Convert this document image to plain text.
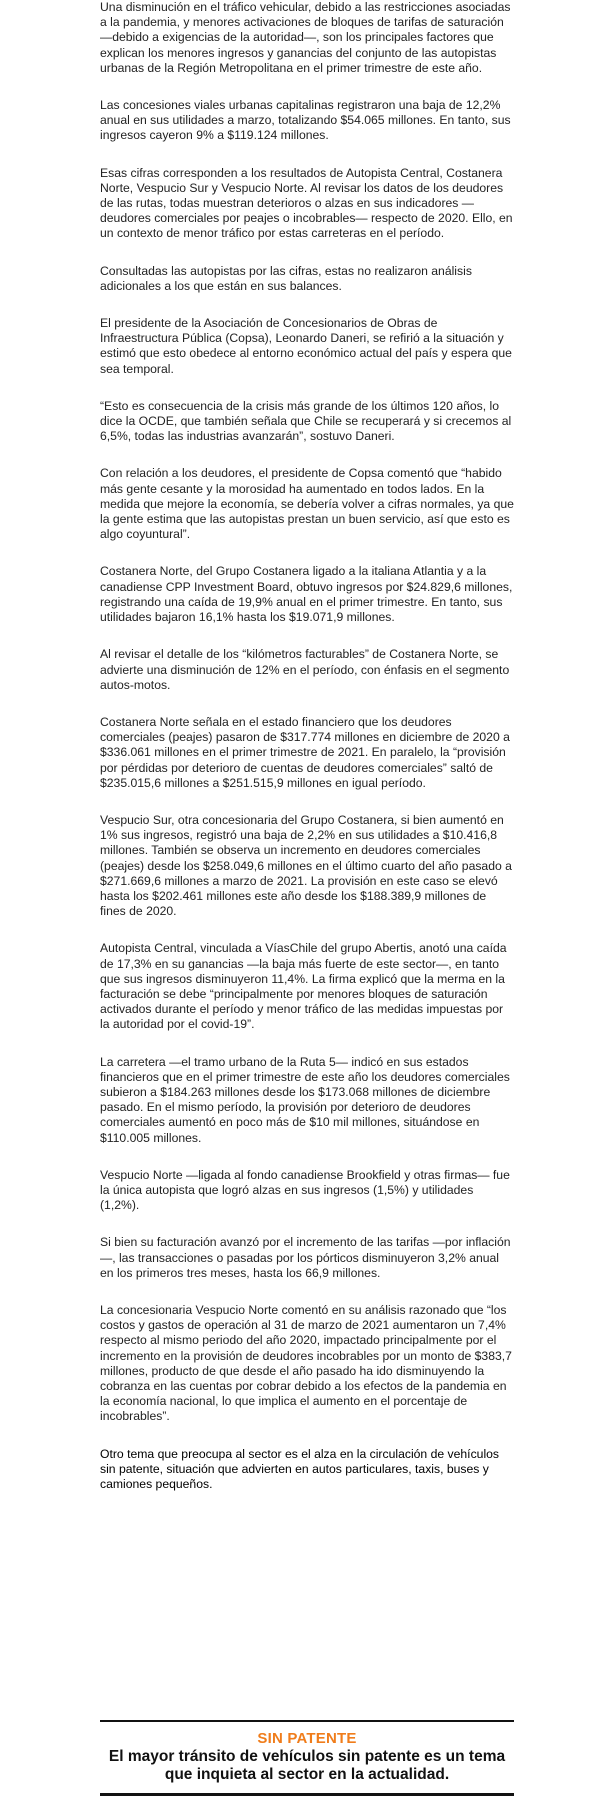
Una disminución en el tráfico vehicular, debido a las restricciones asociadas a la pandemia, y menores activaciones de bloques de tarifas de saturación —debido a exigencias de la autoridad—, son los principales factores que explican los menores ingresos y ganancias del conjunto de las autopistas urbanas de la Región Metropolitana en el primer trimestre de este año.

Las concesiones viales urbanas capitalinas registraron una baja de 12,2% anual en sus utilidades a marzo, totalizando $54.065 millones. En tanto, sus ingresos cayeron 9% a $119.124 millones.

Esas cifras corresponden a los resultados de Autopista Central, Costanera Norte, Vespucio Sur y Vespucio Norte. Al revisar los datos de los deudores de las rutas, todas muestran deterioros o alzas en sus indicadores —deudores comerciales por peajes o incobrables— respecto de 2020. Ello, en un contexto de menor tráfico por estas carreteras en el período.

Consultadas las autopistas por las cifras, estas no realizaron análisis adicionales a los que están en sus balances.

El presidente de la Asociación de Concesionarios de Obras de Infraestructura Pública (Copsa), Leonardo Daneri, se refirió a la situación y estimó que esto obedece al entorno económico actual del país y espera que sea temporal.

“Esto es consecuencia de la crisis más grande de los últimos 120 años, lo dice la OCDE, que también señala que Chile se recuperará y si crecemos al 6,5%, todas las industrias avanzarán”, sostuvo Daneri.

Con relación a los deudores, el presidente de Copsa comentó que “habido más gente cesante y la morosidad ha aumentado en todos lados. En la medida que mejore la economía, se debería volver a cifras normales, ya que la gente estima que las autopistas prestan un buen servicio, así que esto es algo coyuntural”.

Costanera Norte, del Grupo Costanera ligado a la italiana Atlantia y a la canadiense CPP Investment Board, obtuvo ingresos por $24.829,6 millones, registrando una caída de 19,9% anual en el primer trimestre. En tanto, sus utilidades bajaron 16,1% hasta los $19.071,9 millones.

Al revisar el detalle de los “kilómetros facturables” de Costanera Norte, se advierte una disminución de 12% en el período, con énfasis en el segmento autos-motos.

Costanera Norte señala en el estado financiero que los deudores comerciales (peajes) pasaron de $317.774 millones en diciembre de 2020 a $336.061 millones en el primer trimestre de 2021. En paralelo, la “provisión por pérdidas por deterioro de cuentas de deudores comerciales” saltó de $235.015,6 millones a $251.515,9 millones en igual período.

Vespucio Sur, otra concesionaria del Grupo Costanera, si bien aumentó en 1% sus ingresos, registró una baja de 2,2% en sus utilidades a $10.416,8 millones. También se observa un incremento en deudores comerciales (peajes) desde los $258.049,6 millones en el último cuarto del año pasado a $271.669,6 millones a marzo de 2021. La provisión en este caso se elevó hasta los $202.461 millones este año desde los $188.389,9 millones de fines de 2020.

Autopista Central, vinculada a VíasChile del grupo Abertis, anotó una caída de 17,3% en su ganancias —la baja más fuerte de este sector—, en tanto que sus ingresos disminuyeron 11,4%. La firma explicó que la merma en la facturación se debe “principalmente por menores bloques de saturación activados durante el período y menor tráfico de las medidas impuestas por la autoridad por el covid-19”.

La carretera —el tramo urbano de la Ruta 5— indicó en sus estados financieros que en el primer trimestre de este año los deudores comerciales subieron a $184.263 millones desde los $173.068 millones de diciembre pasado. En el mismo período, la provisión por deterioro de deudores comerciales aumentó en poco más de $10 mil millones, situándose en $110.005 millones.

Vespucio Norte —ligada al fondo canadiense Brookfield y otras firmas— fue la única autopista que logró alzas en sus ingresos (1,5%) y utilidades (1,2%).

Si bien su facturación avanzó por el incremento de las tarifas —por inflación—, las transacciones o pasadas por los pórticos disminuyeron 3,2% anual en los primeros tres meses, hasta los 66,9 millones.

La concesionaria Vespucio Norte comentó en su análisis razonado que “los costos y gastos de operación al 31 de marzo de 2021 aumentaron un 7,4% respecto al mismo periodo del año 2020, impactado principalmente por el incremento en la provisión de deudores incobrables por un monto de $383,7 millones, producto de que desde el año pasado ha ido disminuyendo la cobranza en las cuentas por cobrar debido a los efectos de la pandemia en la economía nacional, lo que implica el aumento en el porcentaje de incobrables”.

Otro tema que preocupa al sector es el alza en la circulación de vehículos sin patente, situación que advierten en autos particulares, taxis, buses y camiones pequeños.

SIN PATENTE
El mayor tránsito de vehículos sin patente es un tema que inquieta al sector en la actualidad.
